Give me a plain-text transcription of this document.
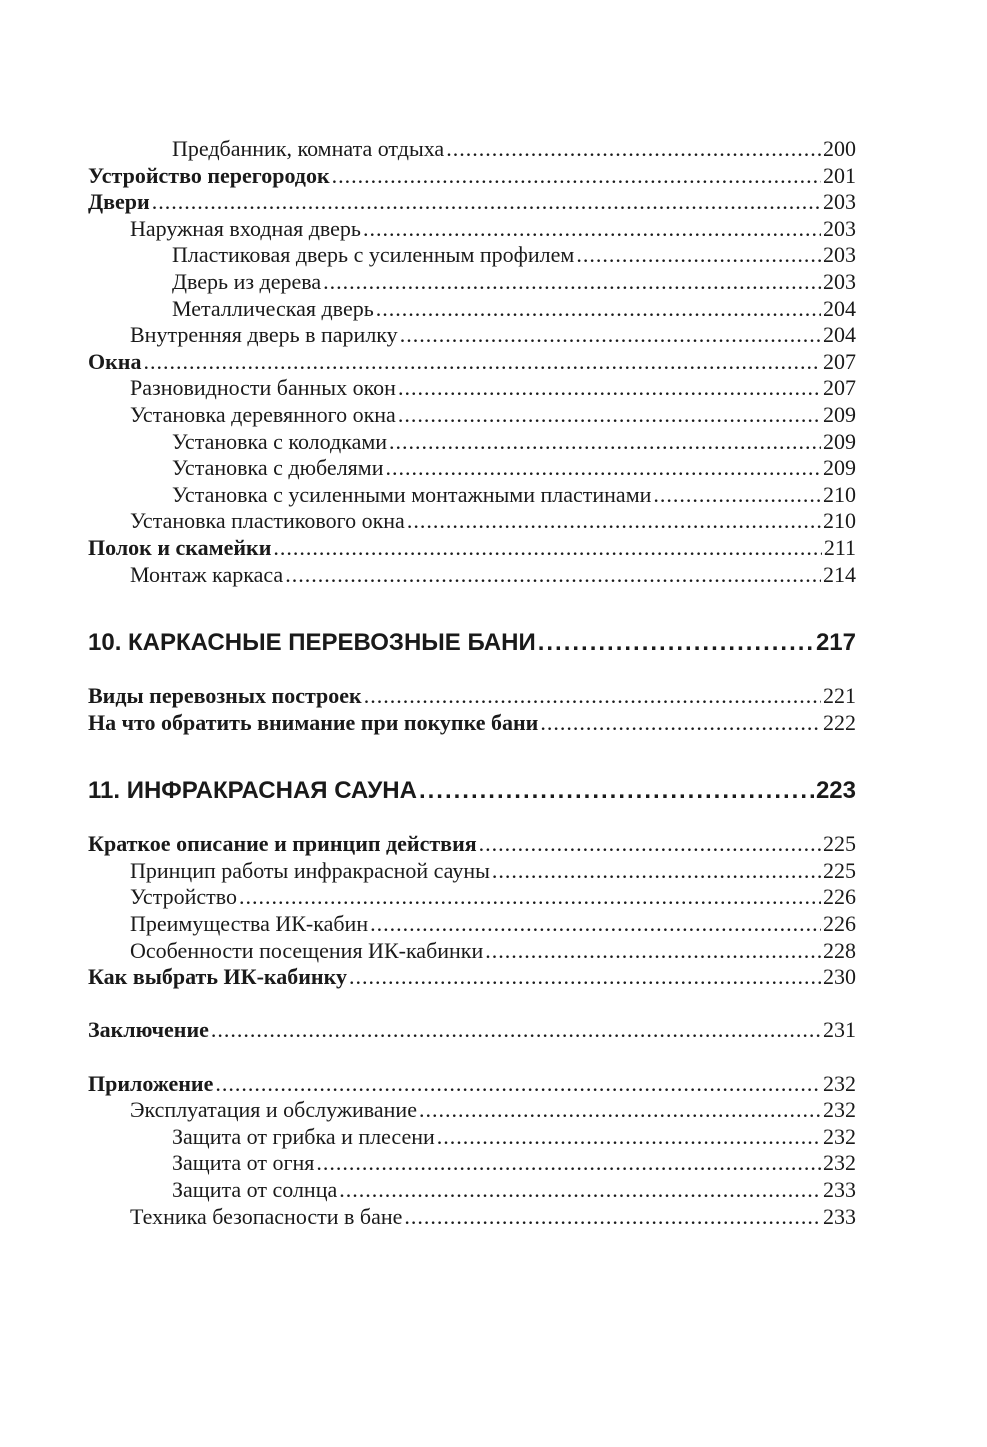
Предбанник, комната отдыха .....	200
Устройство перегородок .....	201
Двери .....	203
Наружная входная дверь .....	203
Пластиковая дверь с усиленным профилем .....	203
Дверь из дерева .....	203
Металлическая дверь .....	204
Внутренняя дверь в парилку .....	204
Окна .....	207
Разновидности банных окон .....	207
Установка деревянного окна .....	209
Установка с колодками .....	209
Установка с дюбелями .....	209
Установка с усиленными монтажными пластинами .....	210
Установка пластикового окна .....	210
Полок и скамейки .....	211
Монтаж каркаса .....	214
10. КАРКАСНЫЕ ПЕРЕВОЗНЫЕ БАНИ .....	217
Виды перевозных построек .....	221
На что обратить внимание при покупке бани .....	222
11. ИНФРАКРАСНАЯ САУНА .....	223
Краткое описание и принцип действия .....	225
Принцип работы инфракрасной сауны .....	225
Устройство .....	226
Преимущества ИК-кабин .....	226
Особенности посещения ИК-кабинки .....	228
Как выбрать ИК-кабинку .....	230
Заключение .....	231
Приложение .....	232
Эксплуатация и обслуживание .....	232
Защита от грибка и плесени .....	232
Защита от огня .....	232
Защита от солнца .....	233
Техника безопасности в бане .....	233
